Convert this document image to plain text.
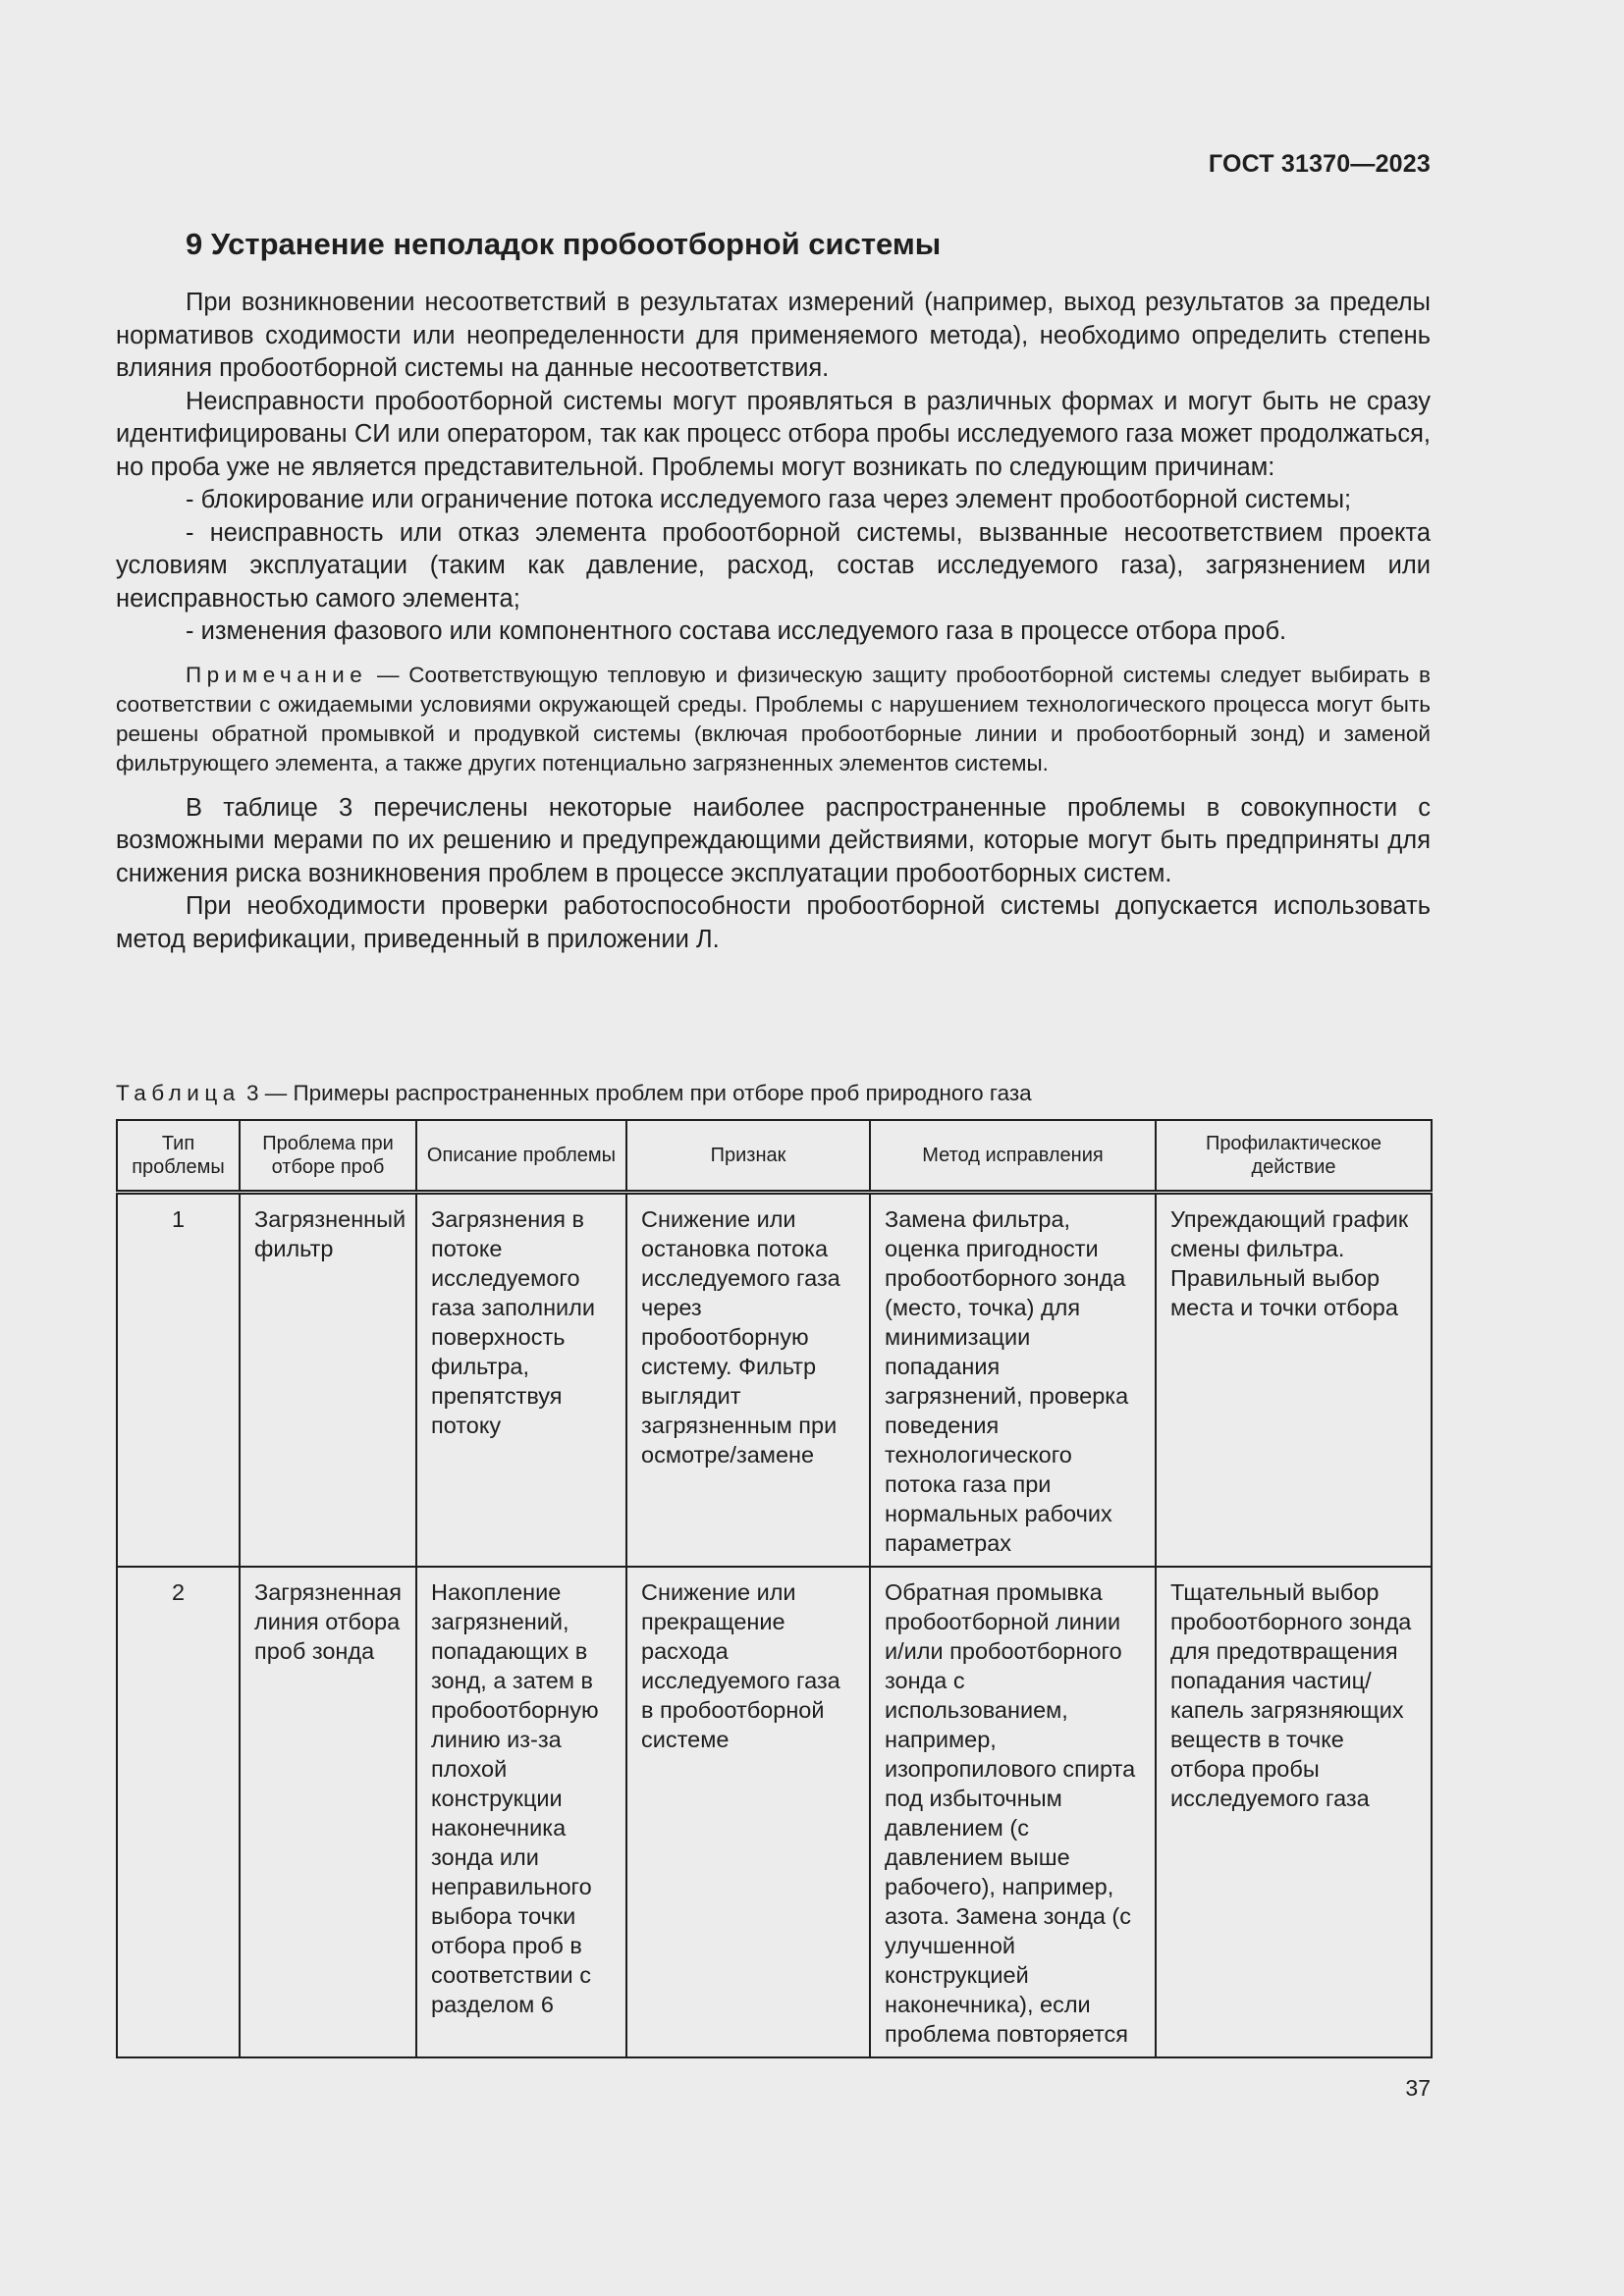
ГОСТ 31370—2023
9 Устранение неполадок пробоотборной системы

При возникновении несоответствий в результатах измерений (например, выход результатов за пределы нормативов сходимости или неопределенности для применяемого метода), необходимо определить степень влияния пробоотборной системы на данные несоответствия.

Неисправности пробоотборной системы могут проявляться в различных формах и могут быть не сразу идентифицированы СИ или оператором, так как процесс отбора пробы исследуемого газа может продолжаться, но проба уже не является представительной. Проблемы могут возникать по следующим причинам:

- блокирование или ограничение потока исследуемого газа через элемент пробоотборной системы;

- неисправность или отказ элемента пробоотборной системы, вызванные несоответствием проекта условиям эксплуатации (таким как давление, расход, состав исследуемого газа), загрязнением или неисправностью самого элемента;

- изменения фазового или компонентного состава исследуемого газа в процессе отбора проб.

Примечание — Соответствующую тепловую и физическую защиту пробоотборной системы следует выбирать в соответствии с ожидаемыми условиями окружающей среды. Проблемы с нарушением технологического процесса могут быть решены обратной промывкой и продувкой системы (включая пробоотборные линии и пробоотборный зонд) и заменой фильтрующего элемента, а также других потенциально загрязненных элементов системы.

В таблице 3 перечислены некоторые наиболее распространенные проблемы в совокупности с возможными мерами по их решению и предупреждающими действиями, которые могут быть предприняты для снижения риска возникновения проблем в процессе эксплуатации пробоотборных систем.

При необходимости проверки работоспособности пробоотборной системы допускается использовать метод верификации, приведенный в приложении Л.

Таблица 3 — Примеры распространенных проблем при отборе проб природного газа

Тип проблемы	Проблема при отборе проб	Описание проблемы	Признак	Метод исправления	Профилактическое действие
1	Загрязненный фильтр	Загрязнения в потоке исследуемого газа заполнили поверхность фильтра, препятствуя потоку	Снижение или остановка потока исследуемого газа через пробоотборную систему. Фильтр выглядит загрязненным при осмотре/замене	Замена фильтра, оценка пригодности пробоотборного зонда (место, точка) для минимизации попадания загрязнений, проверка поведения технологического потока газа при нормальных рабочих параметрах	Упреждающий график смены фильтра. Правильный выбор места и точки отбора
2	Загрязненная линия отбора проб зонда	Накопление загрязнений, попадающих в зонд, а затем в пробоотборную линию из-за плохой конструкции наконечника зонда или неправильного выбора точки отбора проб в соответствии с разделом 6	Снижение или прекращение расхода исследуемого газа в пробоотборной системе	Обратная промывка пробоотборной линии и/или пробоотборного зонда с использованием, например, изопропилового спирта под избыточным давлением (с давлением выше рабочего), например, азота. Замена зонда (с улучшенной конструкцией наконечника), если проблема повторяется	Тщательный выбор пробоотборного зонда для предотвращения попадания частиц/капель загрязняющих веществ в точке отбора пробы исследуемого газа
37
